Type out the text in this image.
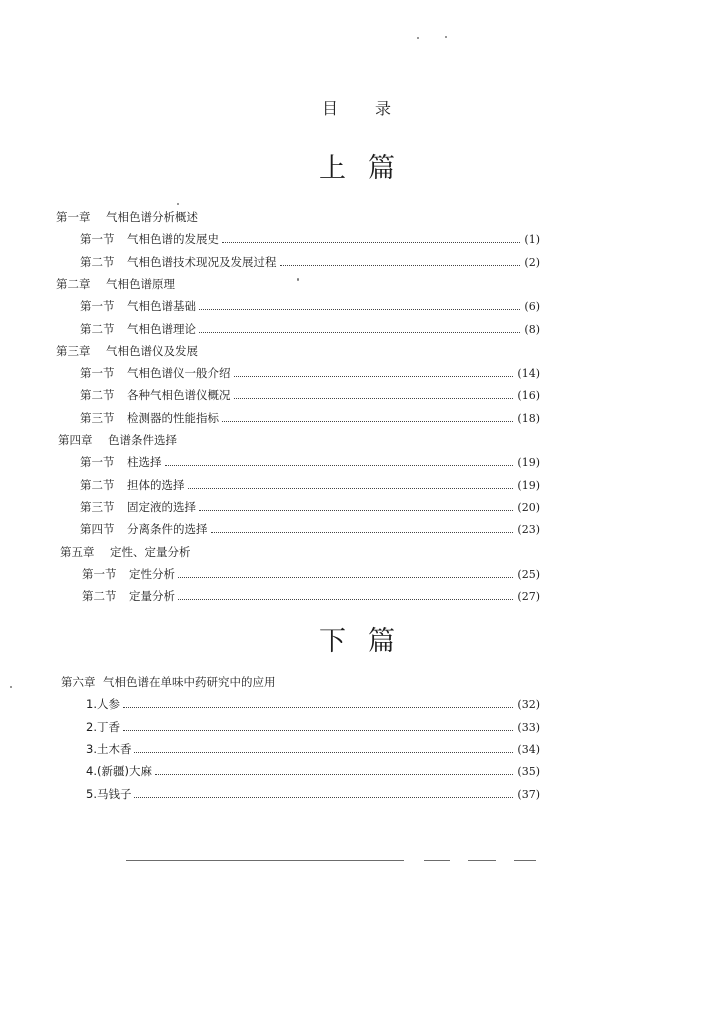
目 录
上 篇
下 篇
第一章	气相色谱分析概述
第一节	气相色谱的发展史	(1)
第二节	气相色谱技术现况及发展过程	(2)
第二章	气相色谱原理
第一节	气相色谱基础	(6)
第二节	气相色谱理论	(8)
第三章	气相色谱仪及发展
第一节	气相色谱仪一般介绍	(14)
第二节	各种气相色谱仪概况	(16)
第三节	检测器的性能指标	(18)
第四章	色谱条件选择
第一节	柱选择	(19)
第二节	担体的选择	(19)
第三节	固定液的选择	(20)
第四节	分离条件的选择	(23)
第五章	定性、定量分析
第一节	定性分析	(25)
第二节	定量分析	(27)
第六章 气相色谱在单味中药研究中的应用
1.人参	(32)
2.丁香	(33)
3.土木香	(34)
4.(新疆)大麻	(35)
5.马钱子	(37)
